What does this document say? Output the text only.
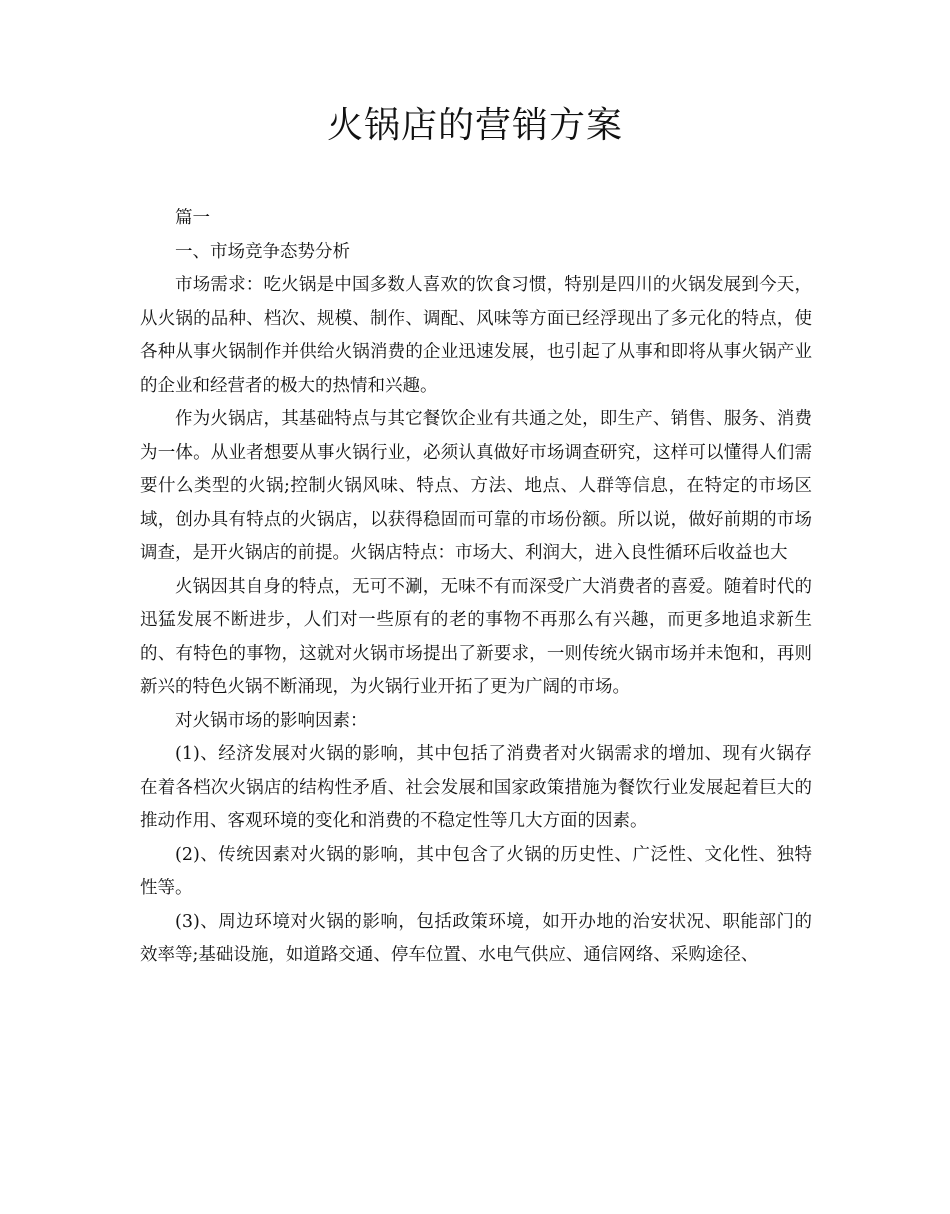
火锅店的营销方案

篇一

一、市场竞争态势分析

市场需求：吃火锅是中国多数人喜欢的饮食习惯，特别是四川的火锅发展到今天，从火锅的品种、档次、规模、制作、调配、风味等方面已经浮现出了多元化的特点，使各种从事火锅制作并供给火锅消费的企业迅速发展，也引起了从事和即将从事火锅产业的企业和经营者的极大的热情和兴趣。

作为火锅店，其基础特点与其它餐饮企业有共通之处，即生产、销售、服务、消费为一体。从业者想要从事火锅行业，必须认真做好市场调查研究，这样可以懂得人们需要什么类型的火锅;控制火锅风味、特点、方法、地点、人群等信息，在特定的市场区域，创办具有特点的火锅店，以获得稳固而可靠的市场份额。所以说，做好前期的市场调查，是开火锅店的前提。火锅店特点：市场大、利润大，进入良性循环后收益也大

火锅因其自身的特点，无可不涮，无味不有而深受广大消费者的喜爱。随着时代的迅猛发展不断进步，人们对一些原有的老的事物不再那么有兴趣，而更多地追求新生的、有特色的事物，这就对火锅市场提出了新要求，一则传统火锅市场并未饱和，再则新兴的特色火锅不断涌现，为火锅行业开拓了更为广阔的市场。

对火锅市场的影响因素：

(1)、经济发展对火锅的影响，其中包括了消费者对火锅需求的增加、现有火锅存在着各档次火锅店的结构性矛盾、社会发展和国家政策措施为餐饮行业发展起着巨大的推动作用、客观环境的变化和消费的不稳定性等几大方面的因素。

(2)、传统因素对火锅的影响，其中包含了火锅的历史性、广泛性、文化性、独特性等。

(3)、周边环境对火锅的影响，包括政策环境，如开办地的治安状况、职能部门的效率等;基础设施，如道路交通、停车位置、水电气供应、通信网络、采购途径、
